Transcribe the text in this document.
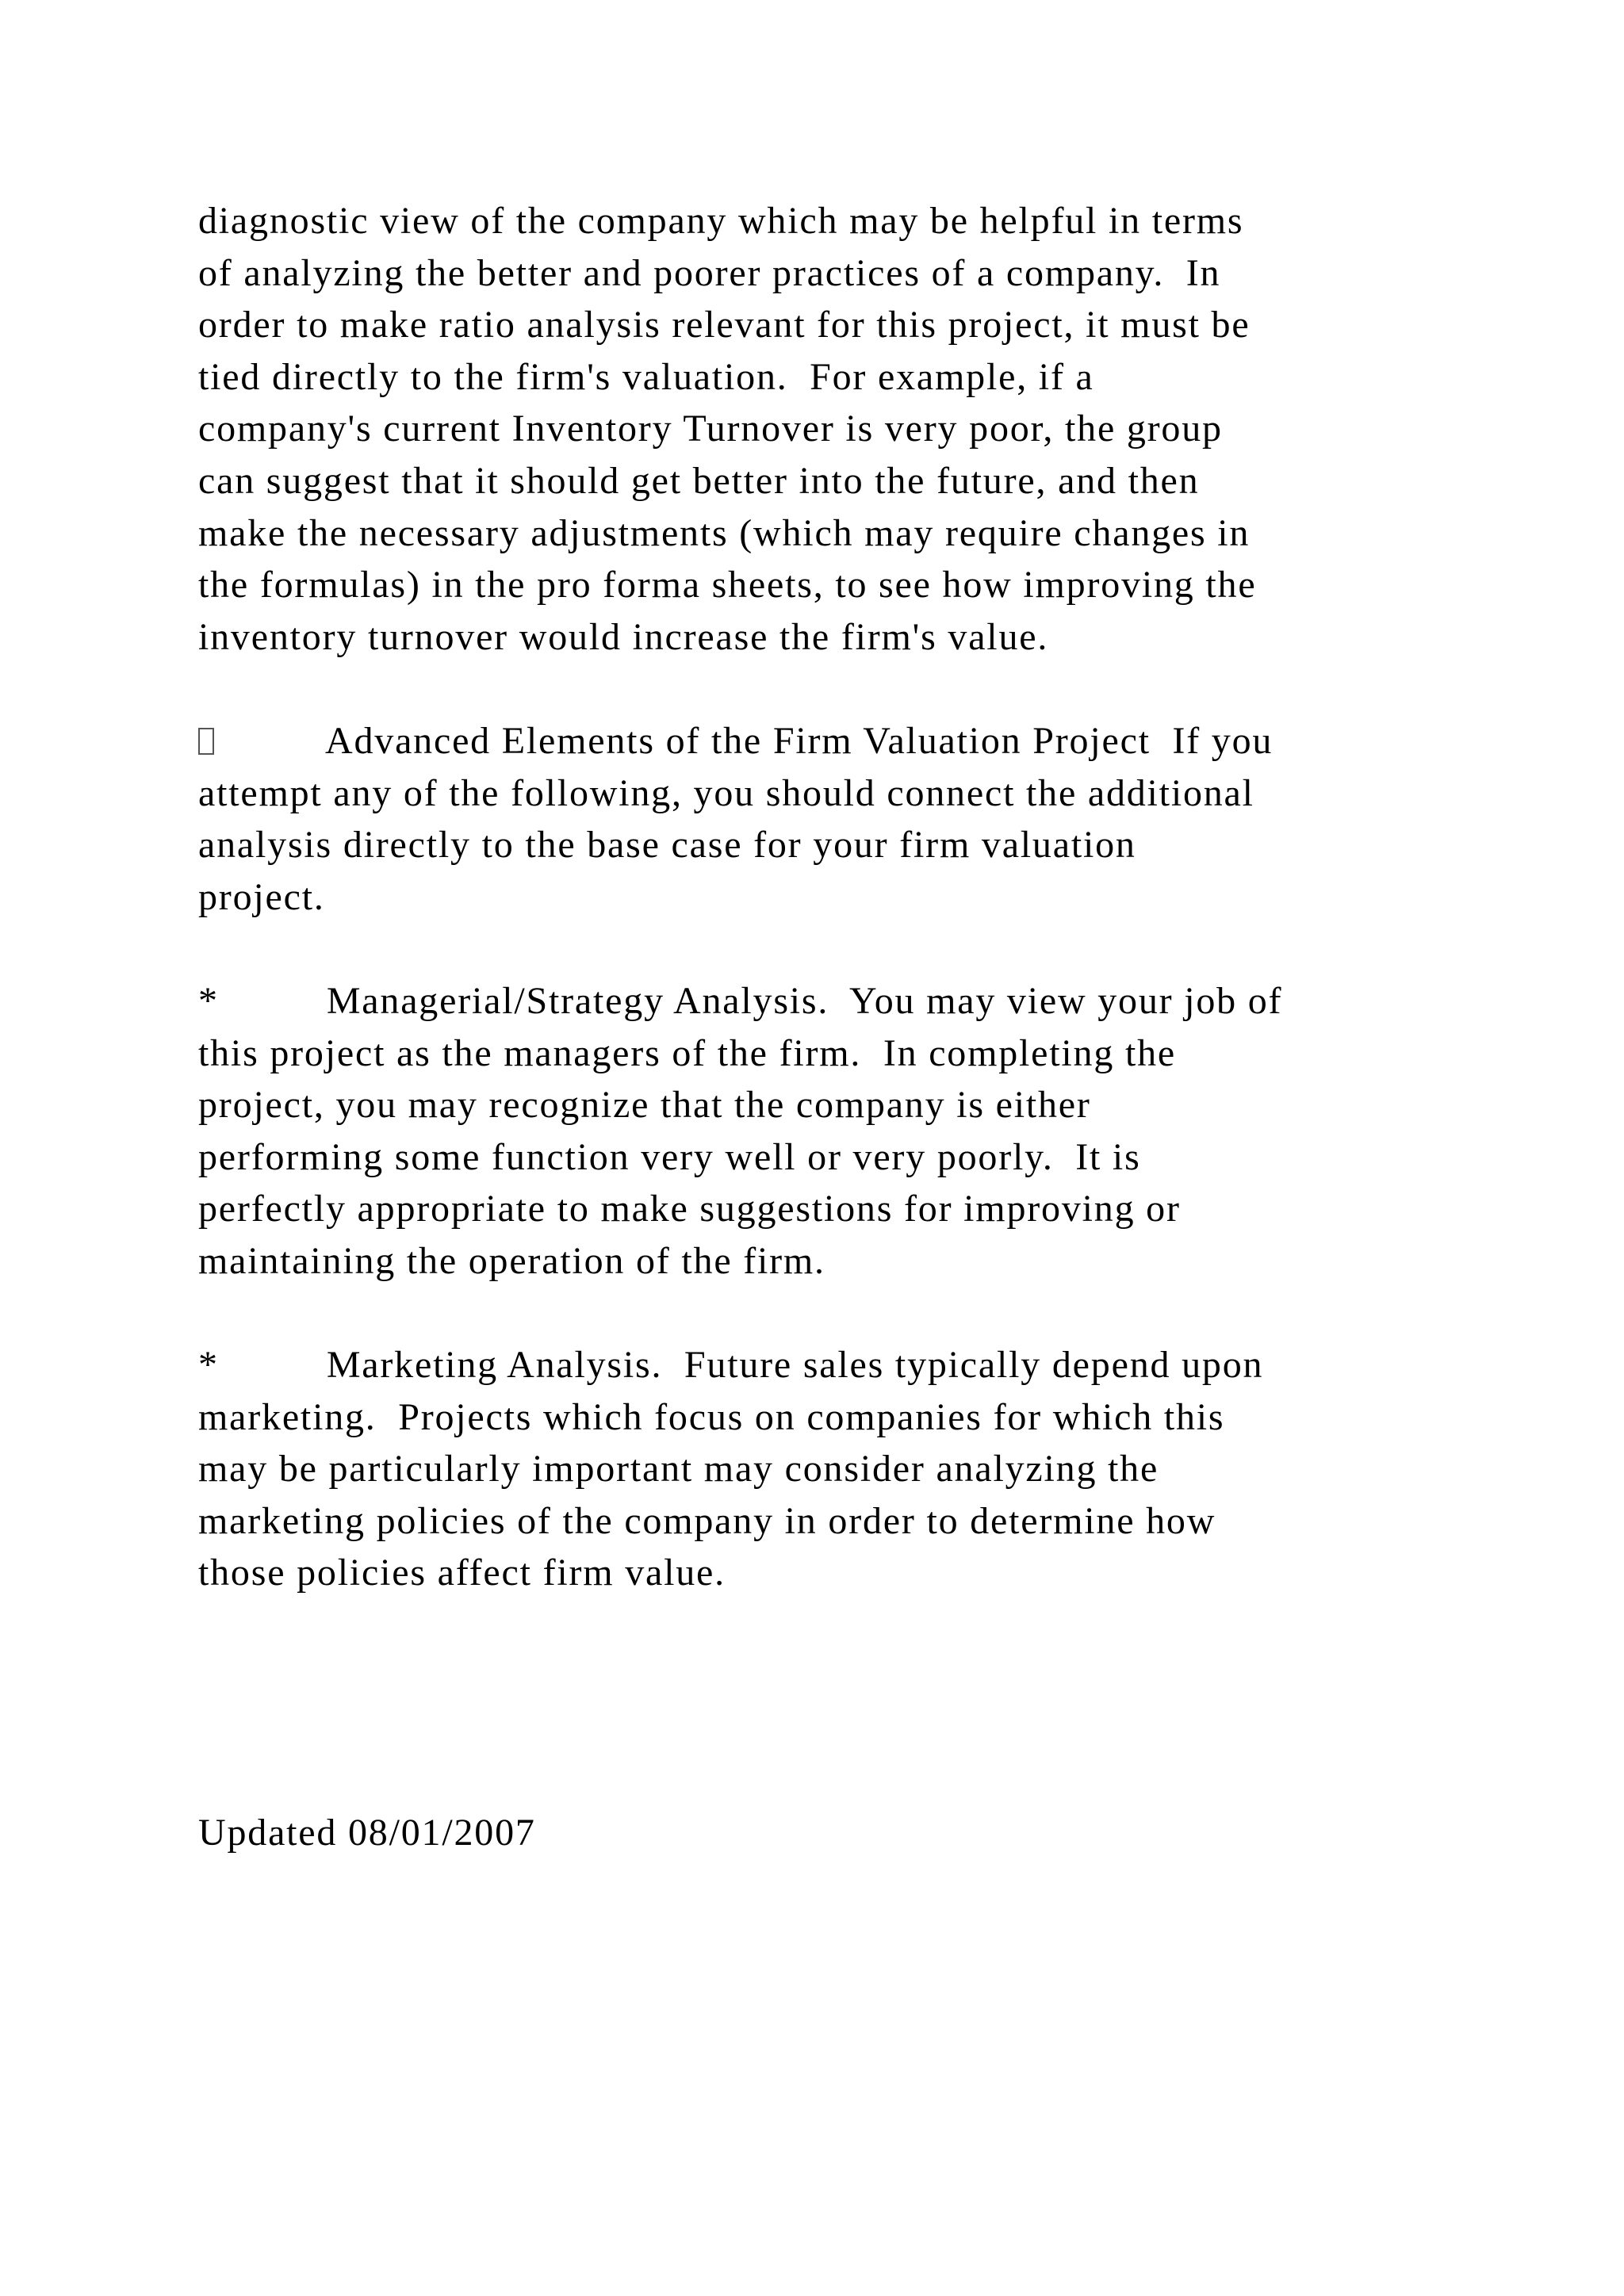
diagnostic view of the company which may be helpful in terms
of analyzing the better and poorer practices of a company.  In
order to make ratio analysis relevant for this project, it must be
tied directly to the firm's valuation.  For example, if a
company's current Inventory Turnover is very poor, the group
can suggest that it should get better into the future, and then
make the necessary adjustments (which may require changes in
the formulas) in the pro forma sheets, to see how improving the
inventory turnover would increase the firm's value.
Advanced Elements of the Firm Valuation Project  If you
attempt any of the following, you should connect the additional
analysis directly to the base case for your firm valuation
project.
*	Managerial/Strategy Analysis.  You may view your job of
this project as the managers of the firm.  In completing the
project, you may recognize that the company is either
performing some function very well or very poorly.  It is
perfectly appropriate to make suggestions for improving or
maintaining the operation of the firm.
*	Marketing Analysis.  Future sales typically depend upon
marketing.  Projects which focus on companies for which this
may be particularly important may consider analyzing the
marketing policies of the company in order to determine how
those policies affect firm value.
Updated 08/01/2007
